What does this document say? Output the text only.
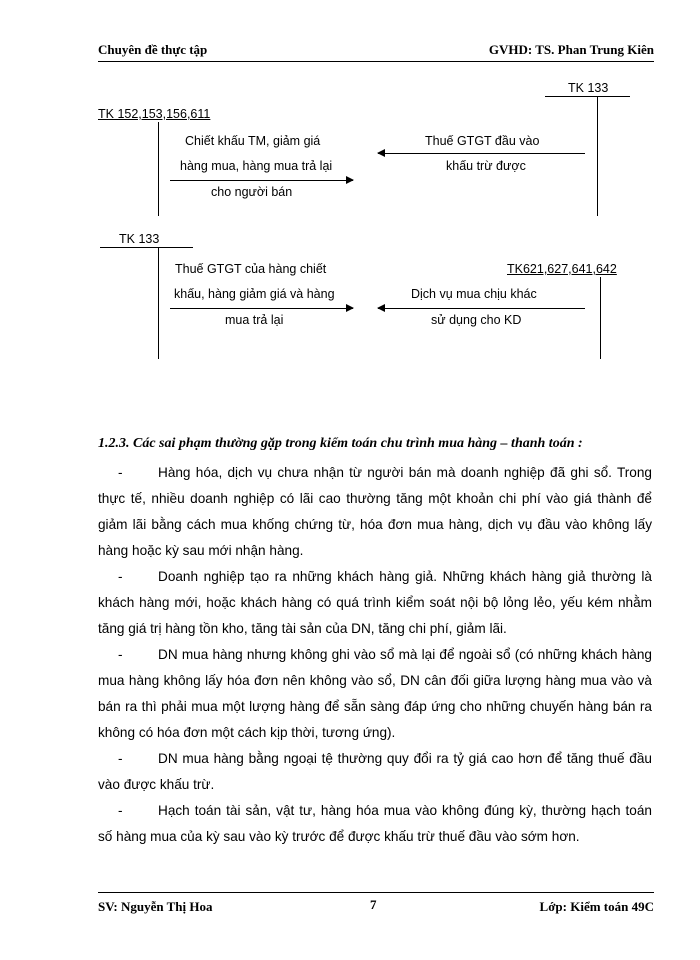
Chuyên đề thực tập	GVHD: TS. Phan Trung Kiên
TK 133
TK 152,153,156,611
Chiết khấu TM, giảm giá
hàng mua, hàng mua trả lại
cho người bán
Thuế GTGT đầu vào
khấu trừ được
TK 133
TK621,627,641,642
Thuế GTGT của hàng chiết
khấu, hàng giảm giá và hàng
mua trả lại
Dịch vụ mua chịu khác
sử dụng cho KD
1.2.3. Các sai phạm thường gặp trong kiểm toán chu trình mua hàng – thanh toán :

-	Hàng hóa, dịch vụ chưa nhận từ người bán mà doanh nghiệp đã ghi sổ. Trong thực tế, nhiều doanh nghiệp có lãi cao thường tăng một khoản chi phí vào giá thành để giảm lãi bằng cách mua khống chứng từ, hóa đơn mua hàng, dịch vụ đầu vào không lấy hàng hoặc kỳ sau mới nhận hàng.

-	Doanh nghiệp tạo ra những khách hàng giả. Những khách hàng giả thường là khách hàng mới, hoặc khách hàng có quá trình kiểm soát nội bộ lỏng lẻo, yếu kém nhằm tăng giá trị hàng tồn kho, tăng tài sản của DN, tăng chi phí, giảm lãi.

-	DN mua hàng nhưng không ghi vào sổ mà lại để ngoài sổ (có những khách hàng mua hàng không lấy hóa đơn nên không vào sổ, DN cân đối giữa lượng hàng mua vào và bán ra thì phải mua một lượng hàng để sẵn sàng đáp ứng cho những chuyến hàng bán ra không có hóa đơn một cách kịp thời, tương ứng).

-	DN mua hàng bằng ngoại tệ thường quy đổi ra tỷ giá cao hơn để tăng thuế đầu vào được khấu trừ.

-	Hạch toán tài sản, vật tư, hàng hóa mua vào không đúng kỳ, thường hạch toán số hàng mua của kỳ sau vào kỳ trước để được khấu trừ thuế đầu vào sớm hơn.

SV: Nguyễn Thị Hoa	7	Lớp: Kiểm toán 49C
